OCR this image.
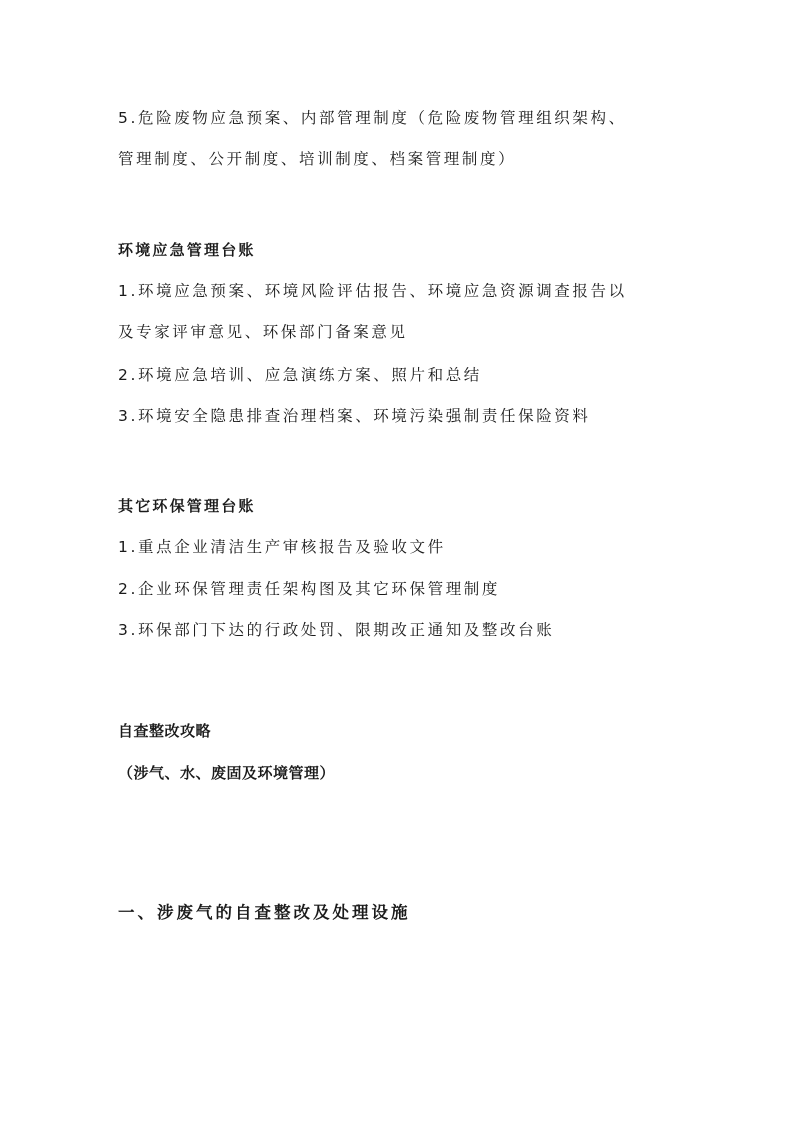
5.危险废物应急预案、内部管理制度（危险废物管理组织架构、
管理制度、公开制度、培训制度、档案管理制度）
环境应急管理台账
1.环境应急预案、环境风险评估报告、环境应急资源调查报告以
及专家评审意见、环保部门备案意见
2.环境应急培训、应急演练方案、照片和总结
3.环境安全隐患排查治理档案、环境污染强制责任保险资料
其它环保管理台账
1.重点企业清洁生产审核报告及验收文件
2.企业环保管理责任架构图及其它环保管理制度
3.环保部门下达的行政处罚、限期改正通知及整改台账
自查整改攻略
（涉气、水、废固及环境管理）
一、涉废气的自查整改及处理设施
